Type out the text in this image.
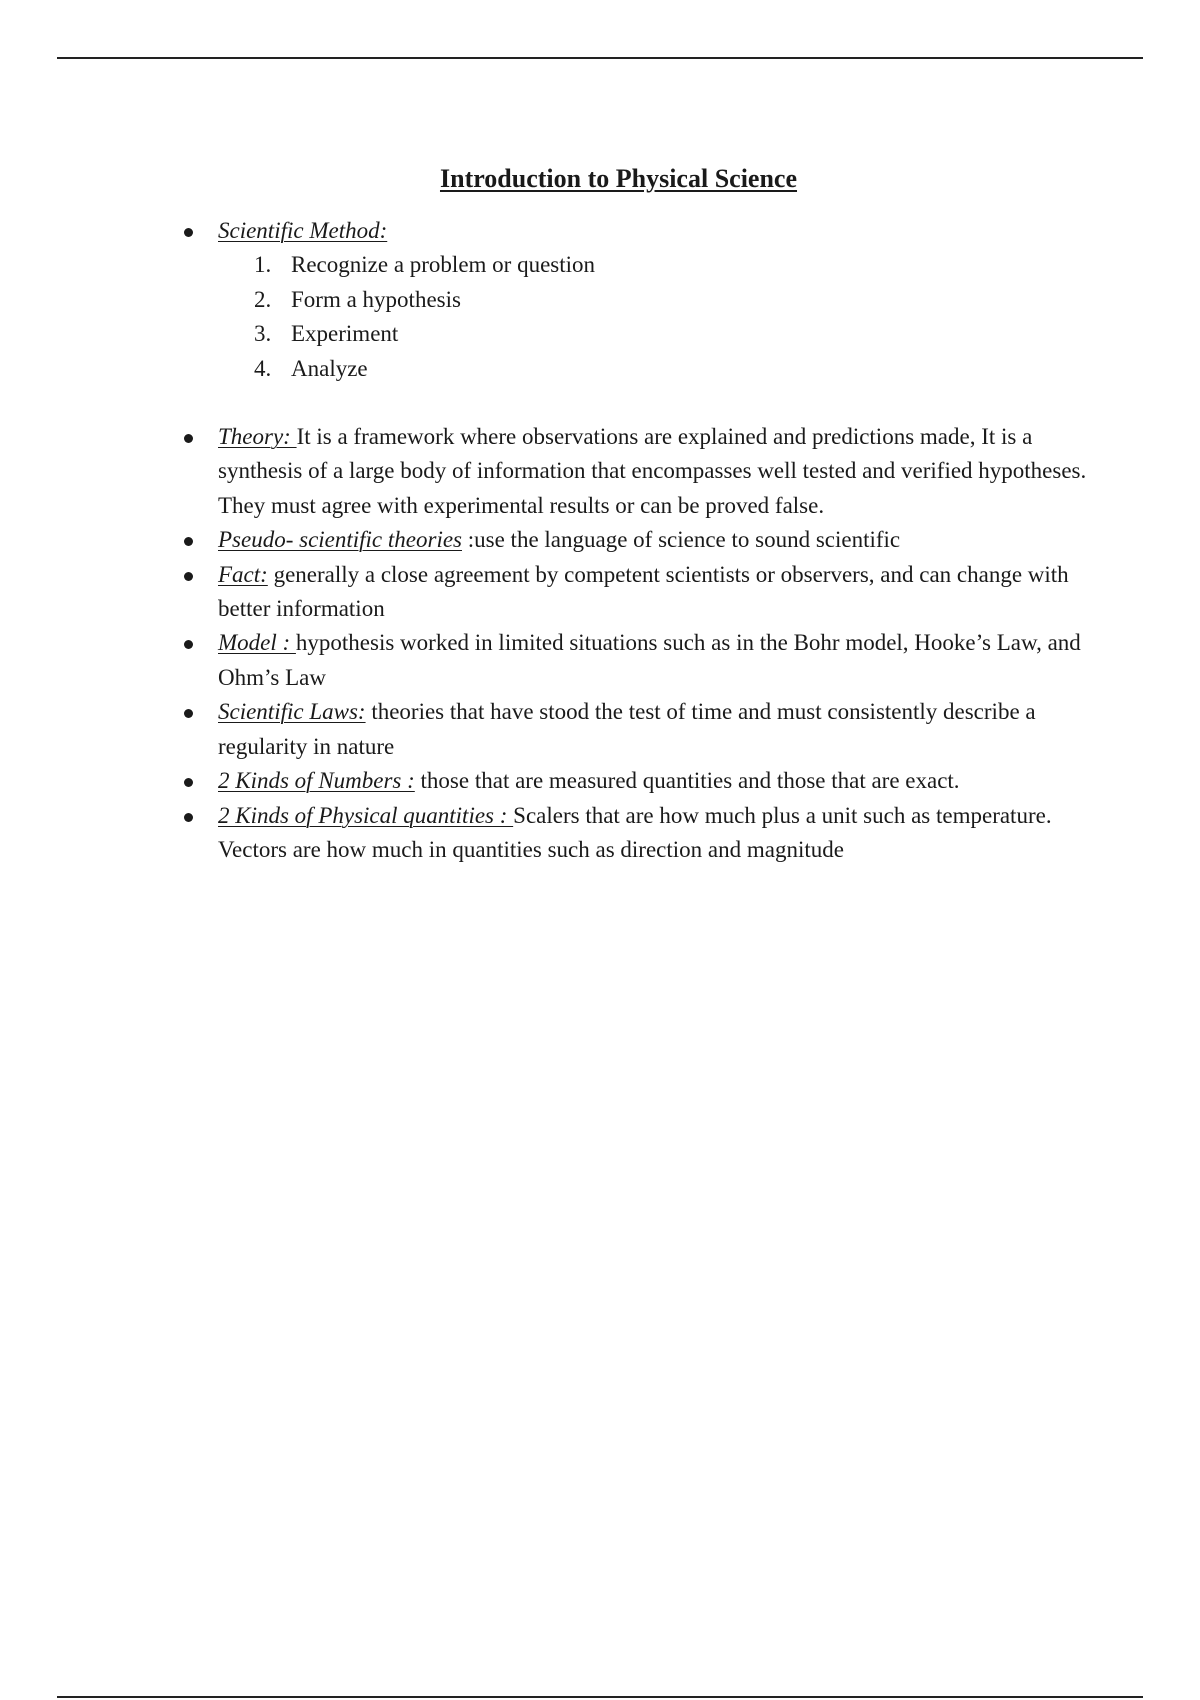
Introduction to Physical Science
Scientific Method:
1. Recognize a problem or question
2. Form a hypothesis
3. Experiment
4. Analyze

Theory: It is a framework where observations are explained and predictions made, It is a synthesis of a large body of information that encompasses well tested and verified hypotheses. They must agree with experimental results or can be proved false.

Pseudo- scientific theories :use the language of science to sound scientific

Fact: generally a close agreement by competent scientists or observers, and can change with better information

Model : hypothesis worked in limited situations such as in the Bohr model, Hooke’s Law, and Ohm’s Law

Scientific Laws: theories that have stood the test of time and must consistently describe a regularity in nature

2 Kinds of Numbers : those that are measured quantities and those that are exact.

2 Kinds of Physical quantities : Scalers that are how much plus a unit such as temperature. Vectors are how much in quantities such as direction and magnitude
